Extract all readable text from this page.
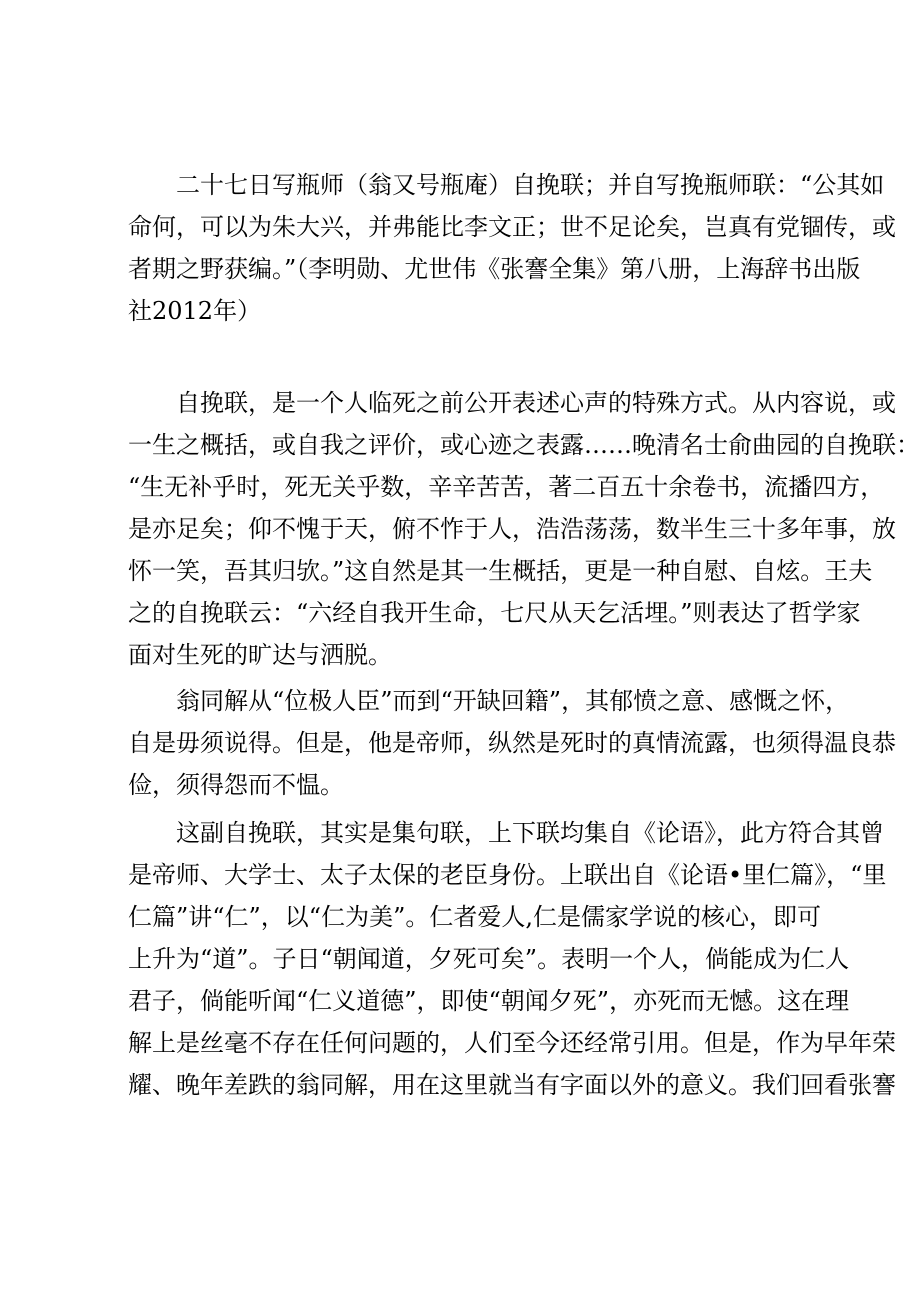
二十七日写瓶师（翁又号瓶庵）自挽联；并自写挽瓶师联：“公其如
命何，可以为朱大兴，并弗能比李文正；世不足论矣，岂真有党锢传，或
者期之野获编。”（李明勋、尤世伟《张謇全集》第八册，上海辞书出版
社2012年）
自挽联，是一个人临死之前公开表述心声的特殊方式。从内容说，或
一生之概括，或自我之评价，或心迹之表露……晚清名士俞曲园的自挽联：
“生无补乎时，死无关乎数，辛辛苦苦，著二百五十余卷书，流播四方，
是亦足矣；仰不愧于天，俯不怍于人，浩浩荡荡，数半生三十多年事，放
怀一笑，吾其归欤。”这自然是其一生概括，更是一种自慰、自炫。王夫
之的自挽联云：“六经自我开生命，七尺从天乞活埋。”则表达了哲学家
面对生死的旷达与洒脱。
翁同解从“位极人臣”而到“开缺回籍”，其郁愤之意、感慨之怀，
自是毋须说得。但是，他是帝师，纵然是死时的真情流露，也须得温良恭
俭，须得怨而不愠。
这副自挽联，其实是集句联，上下联均集自《论语》，此方符合其曾
是帝师、大学士、太子太保的老臣身份。上联出自《论语•里仁篇》，“里
仁篇”讲“仁”，以“仁为美”。仁者爱人,仁是儒家学说的核心，即可
上升为“道”。子日“朝闻道，夕死可矣”。表明一个人，倘能成为仁人
君子，倘能听闻“仁义道德”，即使“朝闻夕死”，亦死而无憾。这在理
解上是丝毫不存在任何问题的，人们至今还经常引用。但是，作为早年荣
耀、晚年差跌的翁同解，用在这里就当有字面以外的意义。我们回看张謇
